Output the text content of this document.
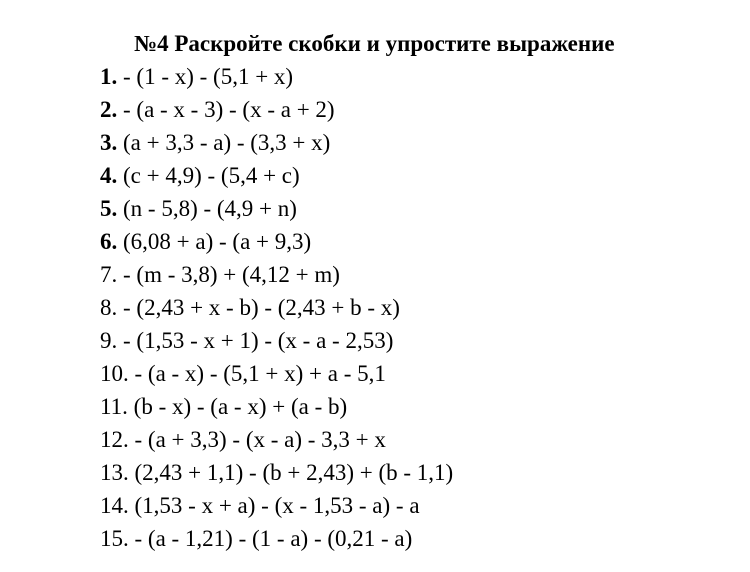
№4 Раскройте скобки и упростите выражение
1. - (1 - x) - (5,1 + x)
2. - (a - x - 3) - (x - a + 2)
3. (a + 3,3 - a) - (3,3 + x)
4. (c + 4,9) - (5,4 + c)
5. (n - 5,8) - (4,9 + n)
6. (6,08 + a) - (a + 9,3)
7. - (m - 3,8) + (4,12 + m)
8. - (2,43 + x - b) - (2,43 + b - x)
9. - (1,53 - x + 1) - (x - a - 2,53)
10. - (a - x) - (5,1 + x) + a - 5,1
11. (b - x) - (a - x) + (a - b)
12. - (a + 3,3) - (x - a) - 3,3 + x
13. (2,43 + 1,1) - (b + 2,43) + (b - 1,1)
14. (1,53 - x + a) - (x - 1,53 - a) - a
15. - (a - 1,21) - (1 - a) - (0,21 - a)
